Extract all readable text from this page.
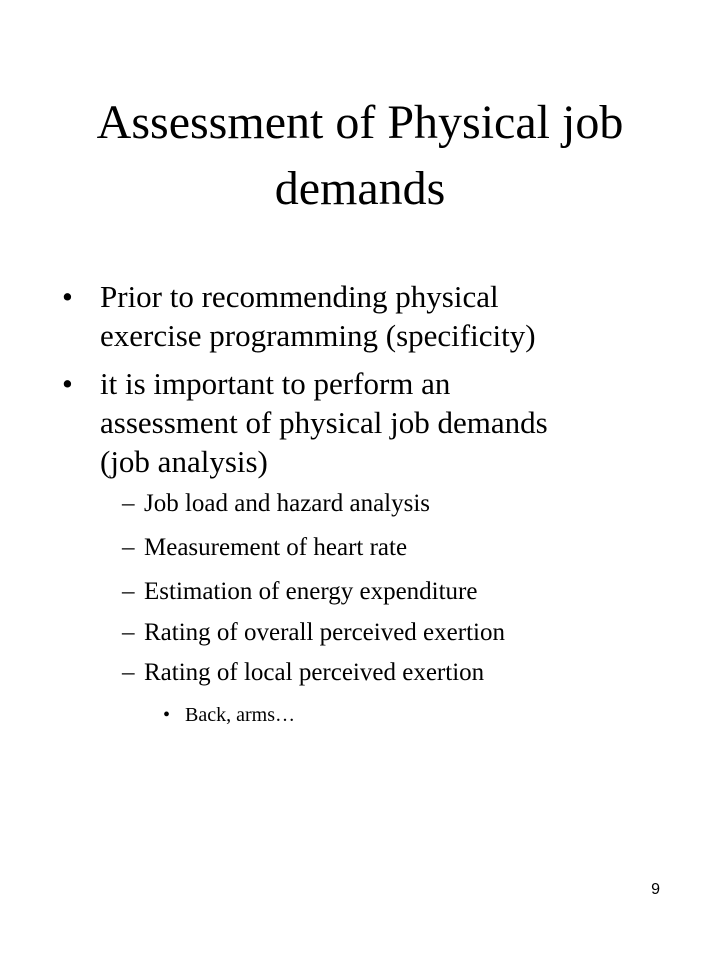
Assessment of Physical job
demands
• Prior to recommending physical
exercise programming (specificity)
• it is important to perform an
assessment of physical job demands
(job analysis)
– Job load and hazard analysis
– Measurement of heart rate
– Estimation of energy expenditure
– Rating of overall perceived exertion
– Rating of local perceived exertion
• Back, arms…
9
